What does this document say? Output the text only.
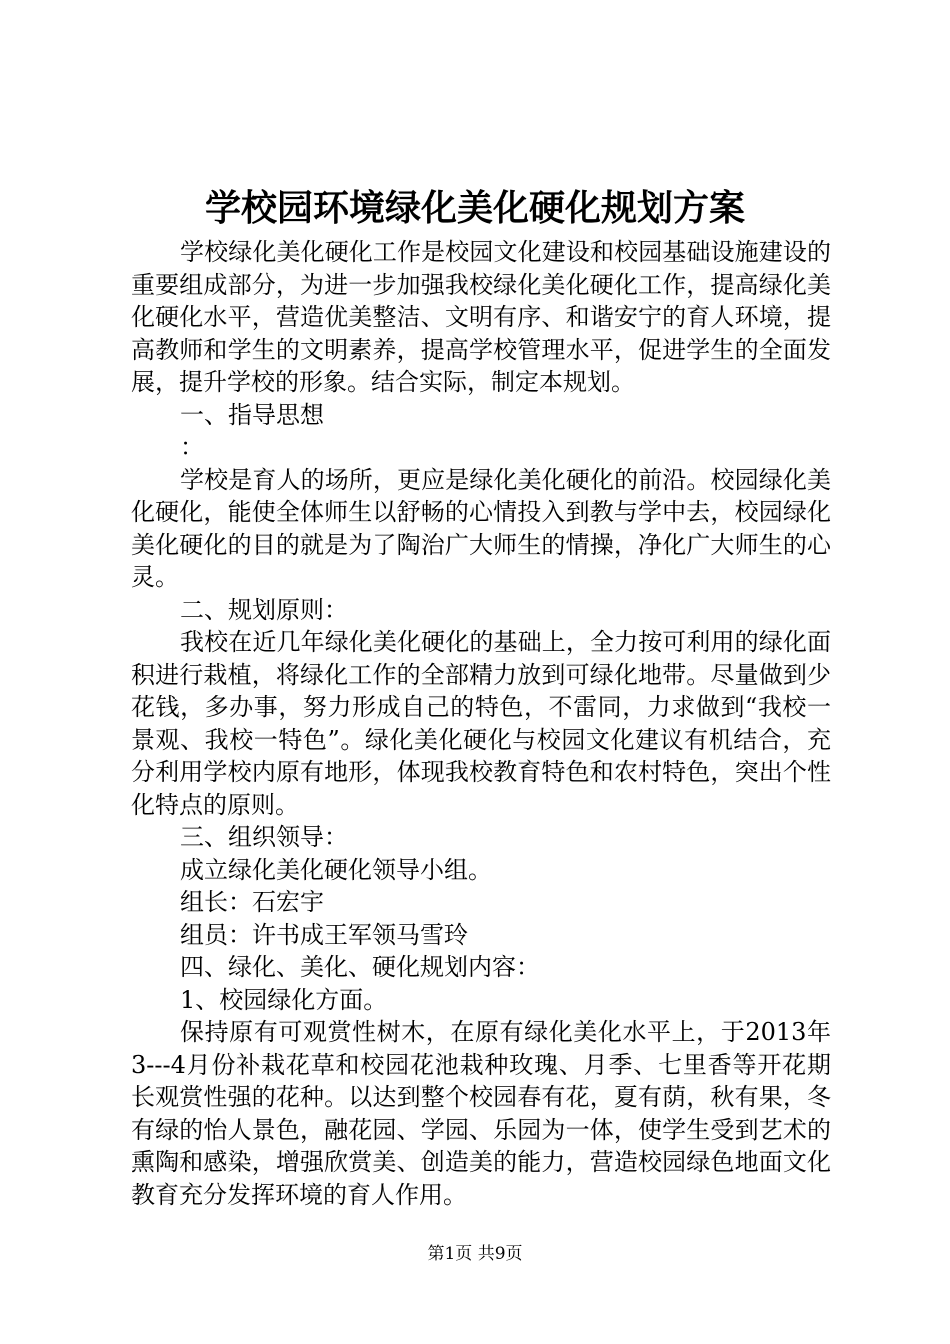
学校园环境绿化美化硬化规划方案

学校绿化美化硬化工作是校园文化建设和校园基础设施建设的重要组成部分，为进一步加强我校绿化美化硬化工作，提高绿化美化硬化水平，营造优美整洁、文明有序、和谐安宁的育人环境，提高教师和学生的文明素养，提高学校管理水平，促进学生的全面发展，提升学校的形象。结合实际，制定本规划。

一、指导思想

：

学校是育人的场所，更应是绿化美化硬化的前沿。校园绿化美化硬化，能使全体师生以舒畅的心情投入到教与学中去，校园绿化美化硬化的目的就是为了陶治广大师生的情操，净化广大师生的心灵。

二、规划原则：

我校在近几年绿化美化硬化的基础上，全力按可利用的绿化面积进行栽植，将绿化工作的全部精力放到可绿化地带。尽量做到少花钱，多办事，努力形成自己的特色，不雷同，力求做到“我校一景观、我校一特色”。绿化美化硬化与校园文化建议有机结合，充分利用学校内原有地形，体现我校教育特色和农村特色，突出个性化特点的原则。

三、组织领导：

成立绿化美化硬化领导小组。

组长：石宏宇

组员：许书成王军领马雪玲

四、绿化、美化、硬化规划内容：

1、校园绿化方面。

保持原有可观赏性树木，在原有绿化美化水平上，于2013年3---4月份补栽花草和校园花池栽种玫瑰、月季、七里香等开花期长观赏性强的花种。以达到整个校园春有花，夏有荫，秋有果，冬有绿的怡人景色，融花园、学园、乐园为一体，使学生受到艺术的熏陶和感染，增强欣赏美、创造美的能力，营造校园绿色地面文化教育充分发挥环境的育人作用。

第1页 共9页
